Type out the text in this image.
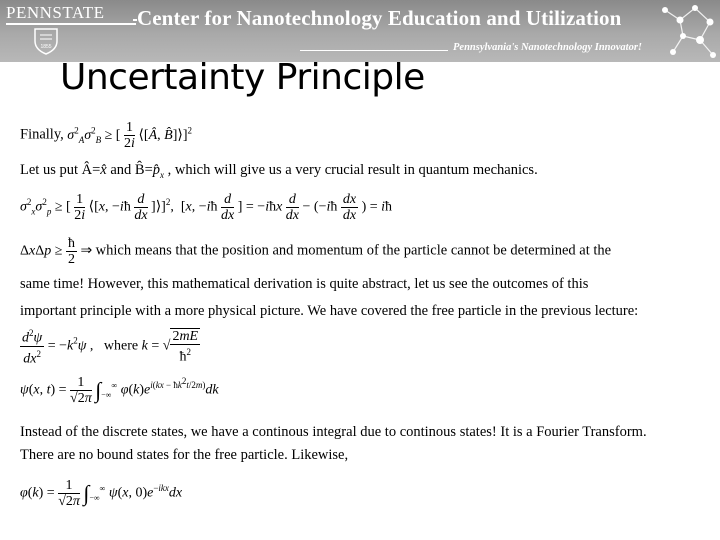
PENNSTATE
1855
Center for Nanotechnology Education and Utilization
Pennsylvania's Nanotechnology Innovator!
Uncertainty Principle
Finally, $\sigma^2_A\sigma^2_B$ ≥ [ $\frac{1}{2i}$ ⟨[Â, B̂]⟩]$^2$
Let us put Â=x̂ and $B̂=p̂_x$ , which will give us a very crucial result in quantum mechanics.
$\sigma^2_x\sigma^2_p$ ≥ [ $\frac{1}{2i}$ ⟨[x, −iħ $\frac{d}{dx}$ ]⟩]$^2$,  [x, −iħ $\frac{d}{dx}$ ] = −iħx $\frac{d}{dx}$ − (−iħ $\frac{dx}{dx}$ ) = iħ
$\Delta x\Delta p \ge \frac{ħ}{2}$ ⇒ which means that the position and momentum of the particle cannot be determined at the
same time! However, this mathematical derivation is quite abstract, let us see the outcomes of this
important principle with a more physical picture. We have covered the free particle in the previous lecture:
$\frac{d^2\psi}{dx^2} = -k^2\psi$ ,   where k = √ $\frac{2mE}{ħ^2}$
ψ(x, $t) = \frac{1}{√2\pi} \int_{-\infty}^\infty$ $\varphi(k)e^{i(kx - ħk^2t/2m)}dk$
Instead of the discrete states, we have a continous integral due to continous states! It is a Fourier Transform.
There are no bound states for the free particle. Likewise,
$\varphi(k) = \frac{1}{√2\pi} \int_{-\infty}^\infty$ ψ(x, $0)e^{-ikx}dx$
